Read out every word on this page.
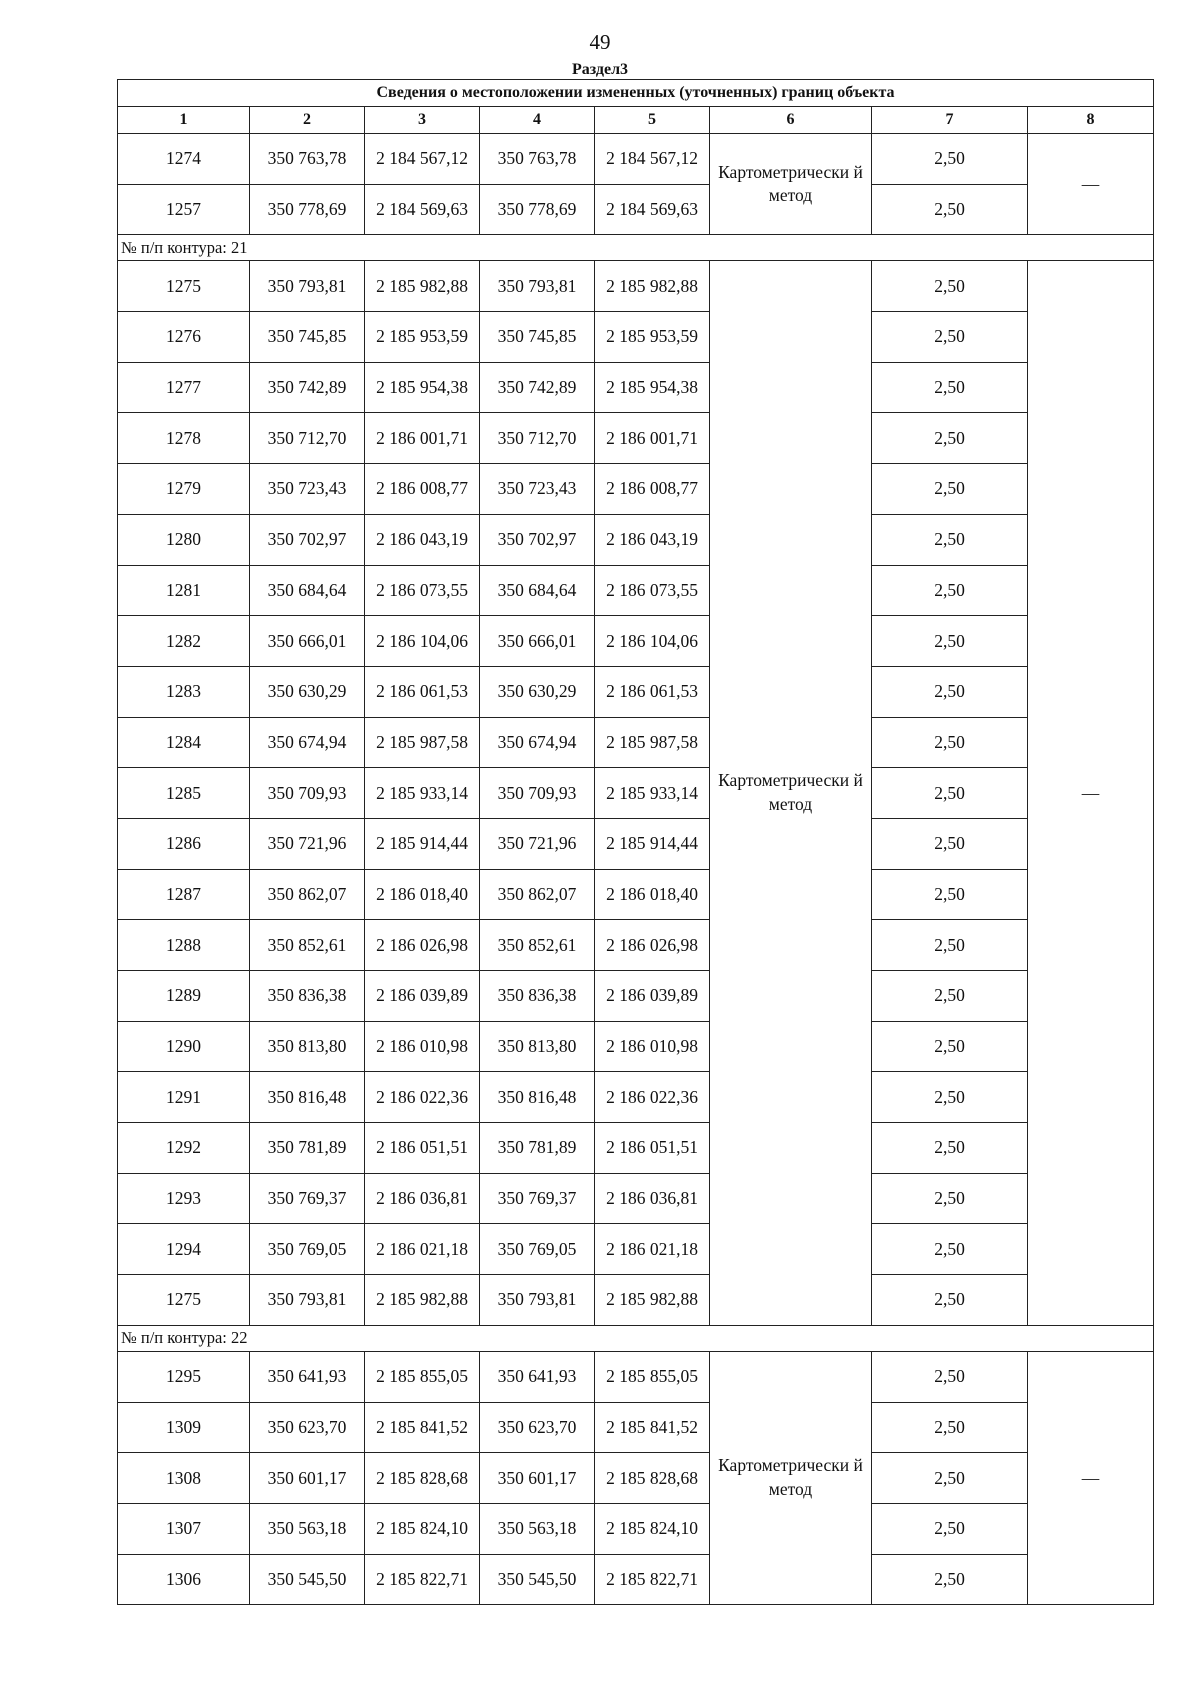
49
Раздел3
Сведения о местоположении измененных (уточненных) границ объекта							
1	2	3	4	5	6	7	8
1274	350 763,78	2 184 567,12	350 763,78	2 184 567,12	Картометрически й метод	2,50	—
1257	350 778,69	2 184 569,63	350 778,69	2 184 569,63		2,50	
№ п/п контура: 21							
1275	350 793,81	2 185 982,88	350 793,81	2 185 982,88	Картометрически й метод	2,50	—
1276	350 745,85	2 185 953,59	350 745,85	2 185 953,59		2,50	
1277	350 742,89	2 185 954,38	350 742,89	2 185 954,38		2,50	
1278	350 712,70	2 186 001,71	350 712,70	2 186 001,71		2,50	
1279	350 723,43	2 186 008,77	350 723,43	2 186 008,77		2,50	
1280	350 702,97	2 186 043,19	350 702,97	2 186 043,19		2,50	
1281	350 684,64	2 186 073,55	350 684,64	2 186 073,55		2,50	
1282	350 666,01	2 186 104,06	350 666,01	2 186 104,06		2,50	
1283	350 630,29	2 186 061,53	350 630,29	2 186 061,53		2,50	
1284	350 674,94	2 185 987,58	350 674,94	2 185 987,58		2,50	
1285	350 709,93	2 185 933,14	350 709,93	2 185 933,14		2,50	
1286	350 721,96	2 185 914,44	350 721,96	2 185 914,44		2,50	
1287	350 862,07	2 186 018,40	350 862,07	2 186 018,40		2,50	
1288	350 852,61	2 186 026,98	350 852,61	2 186 026,98		2,50	
1289	350 836,38	2 186 039,89	350 836,38	2 186 039,89		2,50	
1290	350 813,80	2 186 010,98	350 813,80	2 186 010,98		2,50	
1291	350 816,48	2 186 022,36	350 816,48	2 186 022,36		2,50	
1292	350 781,89	2 186 051,51	350 781,89	2 186 051,51		2,50	
1293	350 769,37	2 186 036,81	350 769,37	2 186 036,81		2,50	
1294	350 769,05	2 186 021,18	350 769,05	2 186 021,18		2,50	
1275	350 793,81	2 185 982,88	350 793,81	2 185 982,88		2,50	
№ п/п контура: 22							
1295	350 641,93	2 185 855,05	350 641,93	2 185 855,05	Картометрически й метод	2,50	—
1309	350 623,70	2 185 841,52	350 623,70	2 185 841,52		2,50	
1308	350 601,17	2 185 828,68	350 601,17	2 185 828,68		2,50	
1307	350 563,18	2 185 824,10	350 563,18	2 185 824,10		2,50	
1306	350 545,50	2 185 822,71	350 545,50	2 185 822,71		2,50	
